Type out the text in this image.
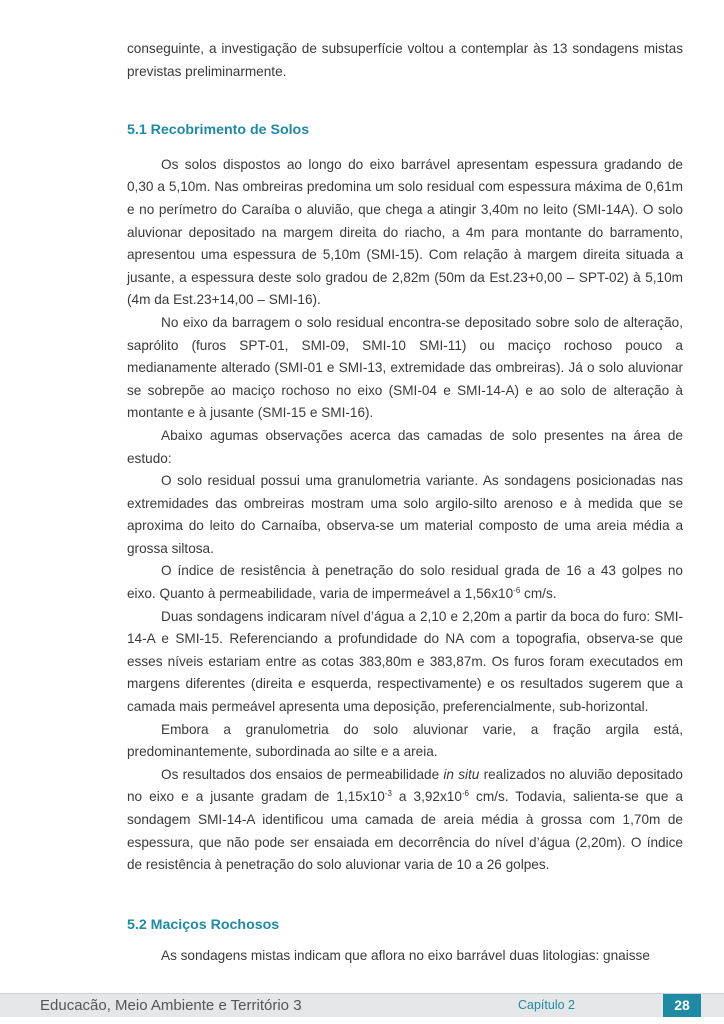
conseguinte, a investigação de subsuperfície voltou a contemplar às 13 sondagens mistas previstas preliminarmente.

5.1 Recobrimento de Solos

Os solos dispostos ao longo do eixo barrável apresentam espessura gradando de 0,30 a 5,10m. Nas ombreiras predomina um solo residual com espessura máxima de 0,61m e no perímetro do Caraíba o aluvião, que chega a atingir 3,40m no leito (SMI-14A). O solo aluvionar depositado na margem direita do riacho, a 4m para montante do barramento, apresentou uma espessura de 5,10m (SMI-15). Com relação à margem direita situada a jusante, a espessura deste solo gradou de 2,82m (50m da Est.23+0,00 – SPT-02) à 5,10m (4m da Est.23+14,00 – SMI-16).

No eixo da barragem o solo residual encontra-se depositado sobre solo de alteração, saprólito (furos SPT-01, SMI-09, SMI-10 SMI-11) ou maciço rochoso pouco a medianamente alterado (SMI-01 e SMI-13, extremidade das ombreiras). Já o solo aluvionar se sobrepõe ao maciço rochoso no eixo (SMI-04 e SMI-14-A) e ao solo de alteração à montante e à jusante (SMI-15 e SMI-16).

Abaixo agumas observações acerca das camadas de solo presentes na área de estudo:

O solo residual possui uma granulometria variante. As sondagens posicionadas nas extremidades das ombreiras mostram uma solo argilo-silto arenoso e à medida que se aproxima do leito do Carnaíba, observa-se um material composto de uma areia média a grossa siltosa.

O índice de resistência à penetração do solo residual grada de 16 a 43 golpes no eixo. Quanto à permeabilidade, varia de impermeável a $1,56x10^{-6}$ cm/s.

Duas sondagens indicaram nível d’água a 2,10 e 2,20m a partir da boca do furo: SMI-14-A e SMI-15. Referenciando a profundidade do NA com a topografia, observa-se que esses níveis estariam entre as cotas 383,80m e 383,87m. Os furos foram executados em margens diferentes (direita e esquerda, respectivamente) e os resultados sugerem que a camada mais permeável apresenta uma deposição, preferencialmente, sub-horizontal.

Embora a granulometria do solo aluvionar varie, a fração argila está, predominantemente, subordinada ao silte e a areia.

Os resultados dos ensaios de permeabilidade in situ realizados no aluvião depositado no eixo e a jusante gradam de $1,15x10^{-3}$ a $3,92x10^{-6}$ cm/s. Todavia, salienta-se que a sondagem SMI-14-A identificou uma camada de areia média à grossa com 1,70m de espessura, que não pode ser ensaiada em decorrência do nível d’água (2,20m). O índice de resistência à penetração do solo aluvionar varia de 10 a 26 golpes.

5.2 Maciços Rochosos

As sondagens mistas indicam que aflora no eixo barrável duas litologias: gnaisse

Educacão, Meio Ambiente e Território 3	Capítulo 2	28
